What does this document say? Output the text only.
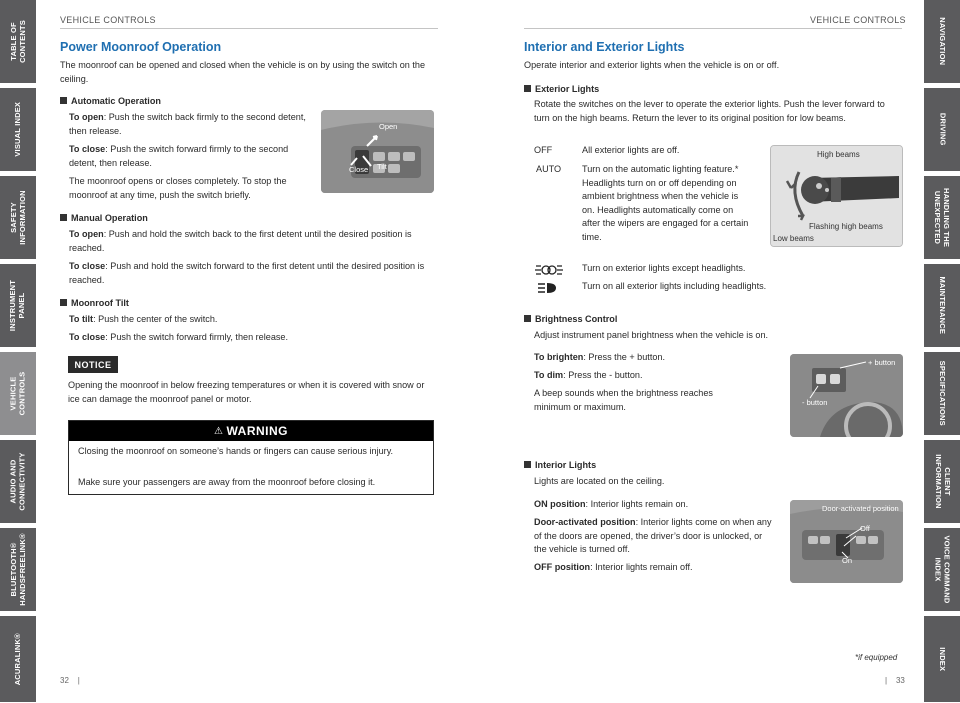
TABLE OF
CONTENTS
VISUAL INDEX
SAFETY
INFORMATION
INSTRUMENT
PANEL
VEHICLE
CONTROLS
AUDIO AND
CONNECTIVITY
BLUETOOTH®
HANDSFREELINK®
ACURALINK®
NAVIGATION
DRIVING
HANDLING THE
UNEXPECTED
MAINTENANCE
SPECIFICATIONS
CLIENT
INFORMATION
VOICE COMMAND
INDEX
INDEX
VEHICLE CONTROLS
Power Moonroof Operation
The moonroof can be opened and closed when the vehicle is on by using the switch on the ceiling.
Automatic Operation
To open: Push the switch back firmly to the second detent, then release.
To close: Push the switch forward firmly to the second detent, then release.
The moonroof opens or closes completely. To stop the moonroof at any time, push the switch briefly.
Open
Close Tilt
Manual Operation
To open: Push and hold the switch back to the first detent until the desired position is reached.
To close: Push and hold the switch forward to the first detent until the desired position is reached.
Moonroof Tilt
To tilt: Push the center of the switch.
To close: Push the switch forward firmly, then release.
NOTICE
Opening the moonroof in below freezing temperatures or when it is covered with snow or ice can damage the moonroof panel or motor.
⚠ WARNING
Closing the moonroof on someone’s hands or fingers can cause serious injury.
Make sure your passengers are away from the moonroof before closing it.
32    |
VEHICLE CONTROLS
Interior and Exterior Lights
Operate interior and exterior lights when the vehicle is on or off.
Exterior Lights
Rotate the switches on the lever to operate the exterior lights. Push the lever forward to turn on the high beams. Return the lever to its original position for low beams.
OFF	All exterior lights are off.
AUTO Turn on the automatic lighting feature.* Headlights turn on or off depending on ambient brightness when the vehicle is on. Headlights automatically come on after the wipers are engaged for a certain time.
Turn on exterior lights except headlights.
Turn on all exterior lights including headlights.
High beams
Flashing high beams
Low beams
Brightness Control
Adjust instrument panel brightness when the vehicle is on.
To brighten: Press the + button.
To dim: Press the - button.
A beep sounds when the brightness reaches minimum or maximum.
+ button
- button
Interior Lights
Lights are located on the ceiling.
ON position: Interior lights remain on.
Door-activated position: Interior lights come on when any of the doors are opened, the driver’s door is unlocked, or the vehicle is turned off.
OFF position: Interior lights remain off.
Door-activated position
Off
On
*if equipped
|    33
